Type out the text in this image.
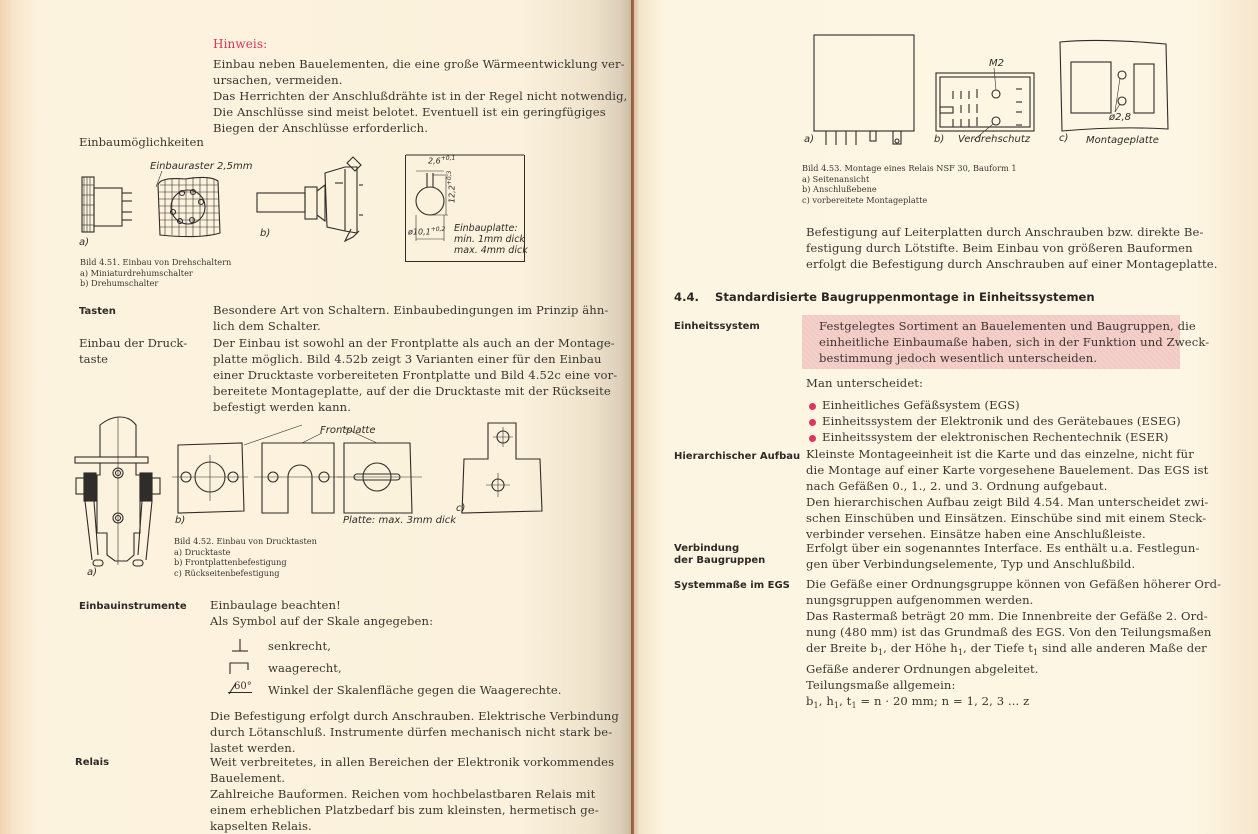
Hinweis:
Einbau neben Bauelementen, die eine große Wärmeentwicklung ver-
ursachen, vermeiden.
Das Herrichten der Anschlußdrähte ist in der Regel nicht notwendig,
Die Anschlüsse sind meist belotet. Eventuell ist ein geringfügiges
Biegen der Anschlüsse erforderlich.
Einbaumöglichkeiten
Einbauraster 2,5mm
a)
b)
$2,6^{+0,1}$
$12,2^{+0,3}$
$ø10,1^{+0,2}$ Einbauplatte:
min. 1mm dick
max. 4mm dick
Bild 4.51. Einbau von Drehschaltern
a) Miniaturdrehumschalter
b) Drehumschalter
Tasten	Besondere Art von Schaltern. Einbaubedingungen im Prinzip ähn-
lich dem Schalter.
Einbau der Druck-
taste
Der Einbau ist sowohl an der Frontplatte als auch an der Montage-
platte möglich. Bild 4.52b zeigt 3 Varianten einer für den Einbau
einer Drucktaste vorbereiteten Frontplatte und Bild 4.52c eine vor-
bereitete Montageplatte, auf der die Drucktaste mit der Rückseite
befestigt werden kann.
a)
Frontplatte
b)	Platte: max. 3mm dick
c)
Bild 4.52. Einbau von Drucktasten
a) Drucktaste
b) Frontplattenbefestigung
c) Rückseitenbefestigung
Einbauinstrumente Einbaulage beachten!
Als Symbol auf der Skale angegeben:
senkrecht,
waagerecht,
60° Winkel der Skalenfläche gegen die Waagerechte.
Die Befestigung erfolgt durch Anschrauben. Elektrische Verbindung
durch Lötanschluß. Instrumente dürfen mechanisch nicht stark be-
lastet werden.
Relais	Weit verbreitetes, in allen Bereichen der Elektronik vorkommendes
Bauelement.
Zahlreiche Bauformen. Reichen vom hochbelastbaren Relais mit
einem erheblichen Platzbedarf bis zum kleinsten, hermetisch ge-
kapselten Relais.
a)
M2
b) Verdrehschutz
ø2,8
c) Montageplatte
Bild 4.53. Montage eines Relais NSF 30, Bauform 1
a) Seitenansicht
b) Anschlußebene
c) vorbereitete Montageplatte
Befestigung auf Leiterplatten durch Anschrauben bzw. direkte Be-
festigung durch Lötstifte. Beim Einbau von größeren Bauformen
erfolgt die Befestigung durch Anschrauben auf einer Montageplatte.
4.4. Standardisierte Baugruppenmontage in Einheitssystemen
Einheitssystem	Festgelegtes Sortiment an Bauelementen und Baugruppen, die
einheitliche Einbaumaße haben, sich in der Funktion und Zweck-
bestimmung jedoch wesentlich unterscheiden.
Man unterscheidet:
Einheitliches Gefäßsystem (EGS)
Einheitssystem der Elektronik und des Gerätebaues (ESEG)
Einheitssystem der elektronischen Rechentechnik (ESER)
Hierarchischer Aufbau Kleinste Montageeinheit ist die Karte und das einzelne, nicht für
die Montage auf einer Karte vorgesehene Bauelement. Das EGS ist
nach Gefäßen 0., 1., 2. und 3. Ordnung aufgebaut.
Den hierarchischen Aufbau zeigt Bild 4.54. Man unterscheidet zwi-
schen Einschüben und Einsätzen. Einschübe sind mit einem Steck-
verbinder versehen. Einsätze haben eine Anschlußleiste.
Verbindung
der Baugruppen
Erfolgt über ein sogenanntes Interface. Es enthält u.a. Festlegun-
gen über Verbindungselemente, Typ und Anschlußbild.
Systemmaße im EGS Die Gefäße einer Ordnungsgruppe können von Gefäßen höherer Ord-
nungsgruppen aufgenommen werden.
Das Rastermaß beträgt 20 mm. Die Innenbreite der Gefäße 2. Ord-
nung (480 mm) ist das Grundmaß des EGS. Von den Teilungsmaßen
der Breite $b_1$, der Höhe $h_1$, der Tiefe $t_1$ sind alle anderen Maße der
Gefäße anderer Ordnungen abgeleitet.
Teilungsmaße allgemein:
$b_1$, $h_1$, $t_1 = n \cdot 20$ mm; n = 1, 2, 3 ... z
